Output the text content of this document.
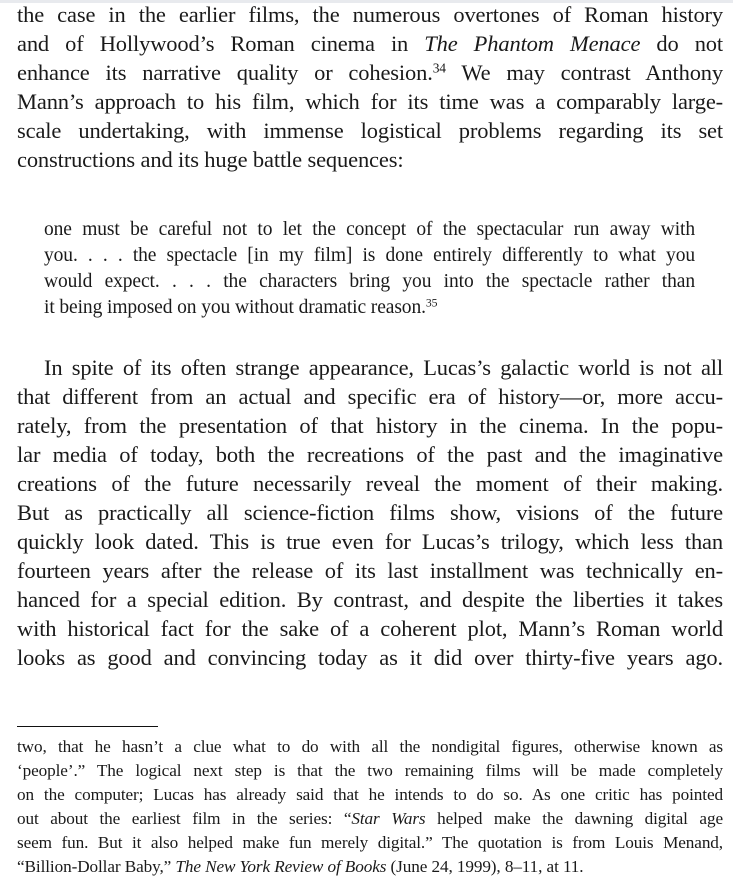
the case in the earlier films, the numerous overtones of Roman history
and of Hollywood’s Roman cinema in The Phantom Menace do not
enhance its narrative quality or cohesion.$^{34}$ We may contrast Anthony
Mann’s approach to his film, which for its time was a comparably large-
scale undertaking, with immense logistical problems regarding its set
constructions and its huge battle sequences:
one must be careful not to let the concept of the spectacular run away with
you. . . . the spectacle [in my film] is done entirely differently to what you
would expect. . . . the characters bring you into the spectacle rather than
it being imposed on you without dramatic reason.$^{35}$
In spite of its often strange appearance, Lucas’s galactic world is not all
that different from an actual and specific era of history—or, more accu-
rately, from the presentation of that history in the cinema. In the popu-
lar media of today, both the recreations of the past and the imaginative
creations of the future necessarily reveal the moment of their making.
But as practically all science-fiction films show, visions of the future
quickly look dated. This is true even for Lucas’s trilogy, which less than
fourteen years after the release of its last installment was technically en-
hanced for a special edition. By contrast, and despite the liberties it takes
with historical fact for the sake of a coherent plot, Mann’s Roman world
looks as good and convincing today as it did over thirty-five years ago.
two, that he hasn’t a clue what to do with all the nondigital figures, otherwise known as
‘people’.” The logical next step is that the two remaining films will be made completely
on the computer; Lucas has already said that he intends to do so. As one critic has pointed
out about the earliest film in the series: “Star Wars helped make the dawning digital age
seem fun. But it also helped make fun merely digital.” The quotation is from Louis Menand,
“Billion-Dollar Baby,” The New York Review of Books (June 24, 1999), 8–11, at 11.
